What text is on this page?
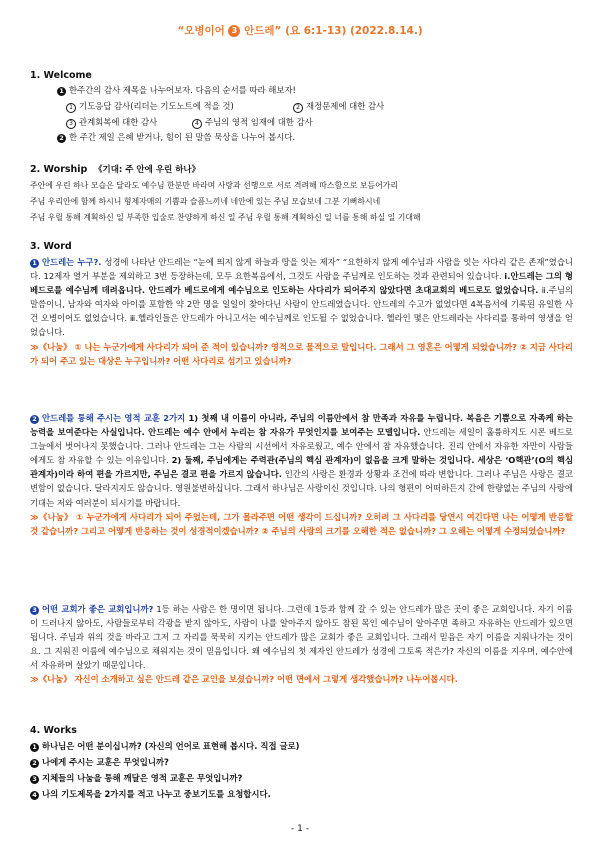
“오병이어 3 안드레” (요 6:1-13) (2022.8.14.)
1. Welcome
1 한주간의 감사 제목을 나누어보자. 다음의 순서를 따라 해보자!
1 기도응답 감사(리더는 기도노트에 적을 것)	2 재정문제에 대한 감사
3 관계회복에 대한 감사	4 주님의 영적 임재에 대한 감사
2 한 주간 제일 은혜 받거나, 힘이 된 말씀 묵상을 나누어 봅시다.
2. Worship 《기대: 주 안에 우린 하나》
주안에 우린 하나 모습은 달라도 예수님 한분만 바라며 사랑과 선행으로 서로 격려해 따스함으로 보듬어가리
주님 우리안에 함께 하시니 형제자매의 기쁨과 슬픔느끼네 네안에 있는 주님 모습보네 그분 기뻐하시네
주님 우릴 통해 계획하신 일 부족한 입술로 찬양하게 하신 일 주님 우릴 통해 계획하신 일 너를 통해 하실 일 기대해
3. Word
1 안드레는 누구?. 성경에 나타난 안드레는 “눈에 띄지 않게 하늘과 땅을 잇는 제자” “요한하지 않게 예수님과 사람을 잇는 사다리 같은 존재”였습니다. 12제자 열거 부분을 제외하고 3번 등장하는데, 모두 요한복음에서, 그것도 사람을 주님께로 인도하는 것과 관련되어 있습니다. ⅰ.안드레는 그의 형 베드로를 예수님께 데려옵니다. 안드레가 베드로에게 예수님으로 인도하는 사다리가 되어주지 않았다면 초대교회의 베드로도 없었습니다. ⅱ.주님의 말씀이니, 남자와 여자와 아이를 포함한 약 2만 명을 일일이 찾아다닌 사람이 안드레였습니다. 안드레의 수고가 없었다면 4복음서에 기록된 유일한 사건 오병이어도 없었습니다. ⅲ.헬라인들은 안드레가 아니고서는 예수님께로 인도될 수 없었습니다. 헬라인 몇은 안드레라는 사다리를 통하여 영생을 얻었습니다.
≫《나눔》 ① 나는 누군가에게 사다리가 되어 준 적이 있습니까? 영적으로 물적으로 말입니다. 그래서 그 영혼은 어떻게 되었습니까? ② 지금 사다리가 되어 주고 있는 대상은 누구입니까? 어떤 사다리로 섬기고 있습니까?
2 안드레를 통해 주시는 영적 교훈 2가지 1) 첫째 내 이름이 아니라, 주님의 이름안에서 참 만족과 자유를 누립니다. 복음은 기쁨으로 자족케 하는 능력을 보여준다는 사실입니다. 안드레는 예수 안에서 누리는 참 자유가 무엇인지를 보여주는 모델입니다. 안드레는 세일이 훌륭하지도 시몬 베드로 그늘에서 벗어나지 못했습니다. 그러나 안드레는 그는 사람의 시선에서 자유로웠고, 예수 안에서 참 자유했습니다. 진리 안에서 자유한 자만이 사람들에게도 참 자유할 수 있는 이유입니다. 2) 둘째, 주님에게는 주력관(주님의 핵심 관계자)이 없음을 크게 말하는 것입니다. 세상은 ‘O핵관’(O의 핵심 관계자)이라 하여 편을 가르지만, 주님은 결코 편을 가르지 않습니다. 인간의 사랑은 환경과 상황과 조건에 따라 변합니다. 그러나 주님은 사랑은 결코 변함이 없습니다. 달라지지도 않습니다. 영원불변하십니다. 그래서 하나님은 사랑이신 것입니다. 나의 형편이 어떠하든지 간에 한량없는 주님의 사랑에 기대는 저와 여러분이 되시기를 바랍니다.
≫《나눔》 ① 누군가에게 사다리가 되어 주었는데, 그가 몰라주면 어떤 생각이 드십니까? 오히려 그 사다리를 당연시 여긴다면 나는 어떻게 반응할 것 같습니까? 그리고 어떻게 반응하는 것이 성경적이겠습니까? ② 주님의 사랑의 크기를 오해한 적은 없습니까? 그 오해는 어떻게 수정되었습니까?
3 어떤 교회가 좋은 교회입니까? 1등 하는 사람은 한 명이면 됩니다. 그런데 1등과 함께 갈 수 있는 안드레가 많은 곳이 좋은 교회입니다. 자기 이름이 드러나지 않아도, 사람들로부터 각광을 받지 않아도, 사람이 나를 알아주지 않아도 참된 목인 예수님이 알아주면 족하고 자유하는 안드레가 있으면 됩니다. 주님과 위의 것을 바라고 그저 그 자리를 묵묵히 지키는 안드레가 많은 교회가 좋은 교회입니다. 그래서 믿음은 자기 이름을 지워나가는 것이요. 그 지워진 이름에 예수님으로 채워지는 것이 믿음입니다. 왜 예수님의 첫 제자인 안드레가 성경에 그토록 적은가? 자신의 이름을 지우며, 예수안에서 자유하며 살았기 때문입니다.
≫《나눔》 자신이 소개하고 싶은 안드레 같은 교인을 보셨습니까? 어떤 면에서 그렇게 생각했습니까? 나누어봅시다.
4. Works
1 하나님은 어떤 분이십니까? (자신의 언어로 표현해 봅시다. 직접 글로)
2 나에게 주시는 교훈은 무엇입니까?
3 지체들의 나눔을 통해 깨달은 영적 교훈은 무엇입니까?
4 나의 기도제목을 2가지를 적고 나누고 중보기도를 요청합시다.
- 1 -
